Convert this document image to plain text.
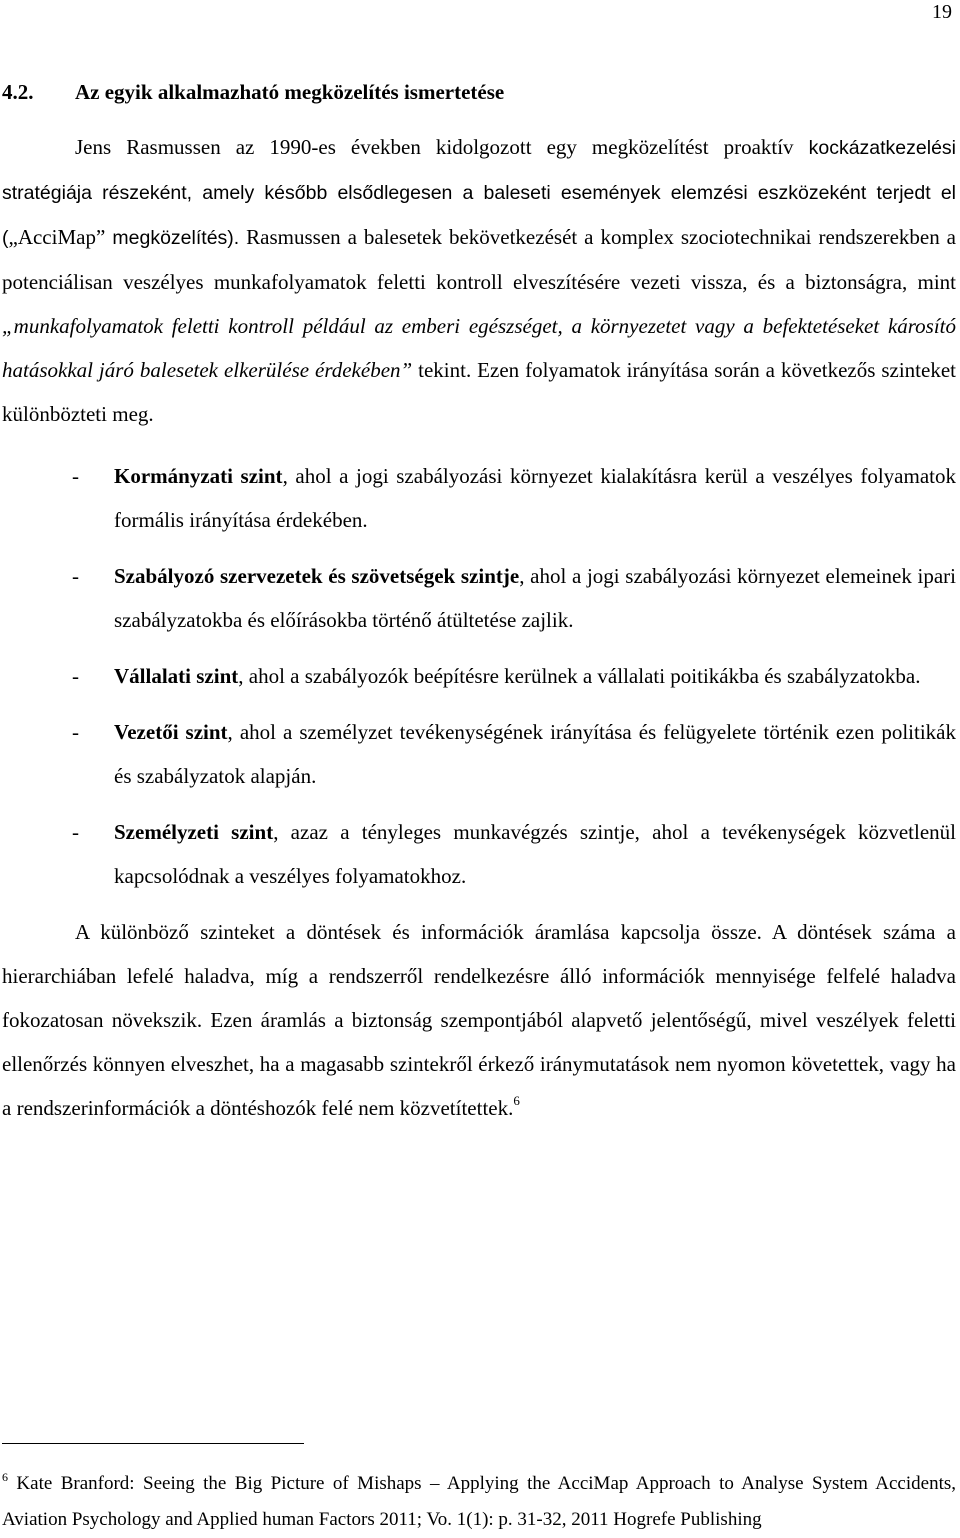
19
4.2.	Az egyik alkalmazható megközelítés ismertetése

Jens Rasmussen az 1990-es években kidolgozott egy megközelítést proaktív kockázatkezelési stratégiája részeként, amely később elsődlegesen a baleseti események elemzési eszközeként terjedt el („AcciMap” megközelítés). Rasmussen a balesetek bekövetkezését a komplex szociotechnikai rendszerekben a potenciálisan veszélyes munkafolyamatok feletti kontroll elveszítésére vezeti vissza, és a biztonságra, mint „munkafolyamatok feletti kontroll például az emberi egészséget, a környezetet vagy a befektetéseket károsító hatásokkal járó balesetek elkerülése érdekében” tekint. Ezen folyamatok irányítása során a következős szinteket különbözteti meg.

-	Kormányzati szint, ahol a jogi szabályozási környezet kialakításra kerül a veszélyes folyamatok formális irányítása érdekében.
-	Szabályozó szervezetek és szövetségek szintje, ahol a jogi szabályozási környezet elemeinek ipari szabályzatokba és előírásokba történő átültetése zajlik.
-	Vállalati szint, ahol a szabályozók beépítésre kerülnek a vállalati poitikákba és szabályzatokba.
-	Vezetői szint, ahol a személyzet tevékenységének irányítása és felügyelete történik ezen politikák és szabályzatok alapján.
-	Személyzeti szint, azaz a tényleges munkavégzés szintje, ahol a tevékenységek közvetlenül kapcsolódnak a veszélyes folyamatokhoz.

A különböző szinteket a döntések és információk áramlása kapcsolja össze. A döntések száma a hierarchiában lefelé haladva, míg a rendszerről rendelkezésre álló információk mennyisége felfelé haladva fokozatosan növekszik. Ezen áramlás a biztonság szempontjából alapvető jelentőségű, mivel veszélyek feletti ellenőrzés könnyen elveszhet, ha a magasabb szintekről érkező iránymutatások nem nyomon követettek, vagy ha a rendszerinformációk a döntéshozók felé nem közvetítettek.$^6$

$^6$ Kate Branford: Seeing the Big Picture of Mishaps – Applying the AcciMap Approach to Analyse System Accidents, Aviation Psychology and Applied human Factors 2011; Vo. 1(1): p. 31-32, 2011 Hogrefe Publishing
